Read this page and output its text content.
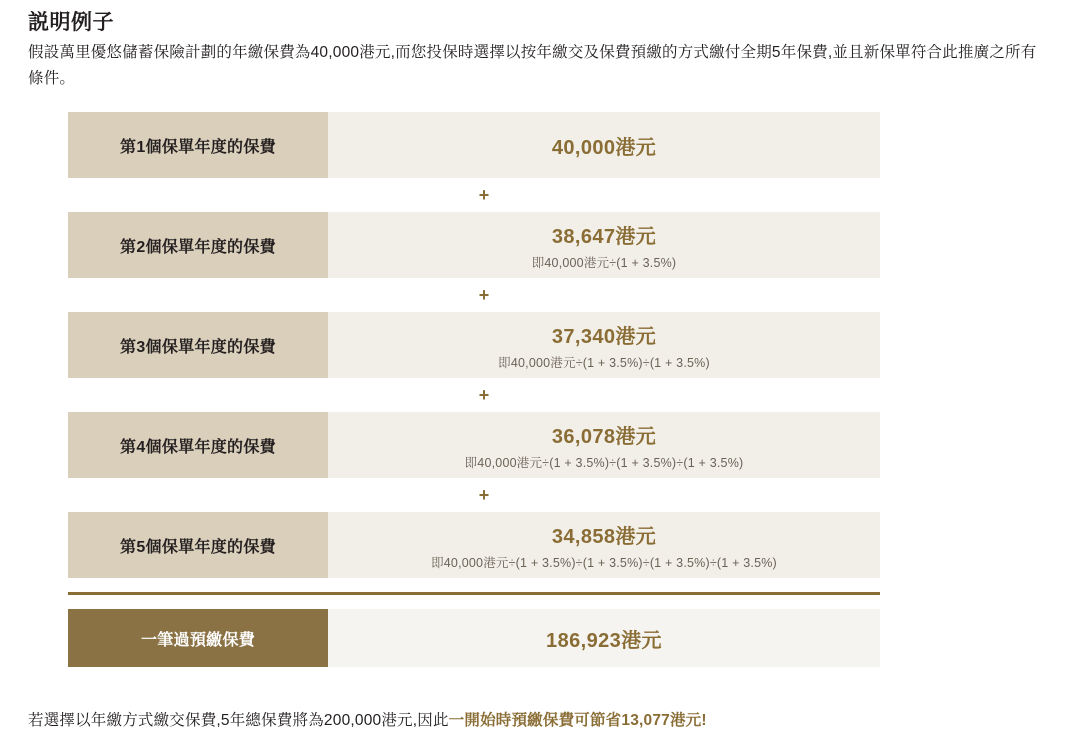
説明例子
假設萬里優悠儲蓄保險計劃的年繳保費為40,000港元,而您投保時選擇以按年繳交及保費預繳的方式繳付全期5年保費,並且新保單符合此推廣之所有條件。
第1個保單年度的保費	40,000港元
+
第2個保單年度的保費	38,647港元
即40,000港元÷(1 + 3.5%)
+
第3個保單年度的保費	37,340港元
即40,000港元÷(1 + 3.5%)÷(1 + 3.5%)
+
第4個保單年度的保費	36,078港元
即40,000港元÷(1 + 3.5%)÷(1 + 3.5%)÷(1 + 3.5%)
+
第5個保單年度的保費	34,858港元
即40,000港元÷(1 + 3.5%)÷(1 + 3.5%)÷(1 + 3.5%)÷(1 + 3.5%)
一筆過預繳保費	186,923港元
若選擇以年繳方式繳交保費,5年總保費將為200,000港元,因此一開始時預繳保費可節省13,077港元!
